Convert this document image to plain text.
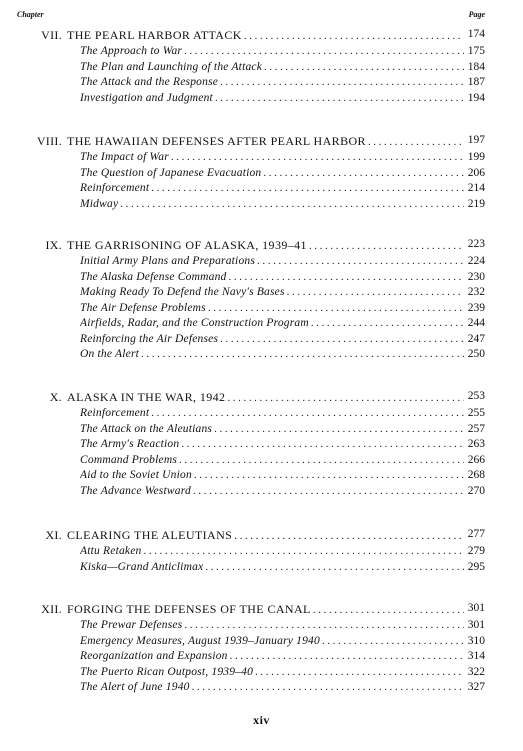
Chapter	Page
VII. THE PEARL HARBOR ATTACK .....	174
The Approach to War .....	175
The Plan and Launching of the Attack .....	184
The Attack and the Response .....	187
Investigation and Judgment .....	194
VIII. THE HAWAIIAN DEFENSES AFTER PEARL HARBOR .....	197
The Impact of War .....	199
The Question of Japanese Evacuation .....	206
Reinforcement .....	214
Midway .....	219
IX. THE GARRISONING OF ALASKA, 1939–41 .....	223
Initial Army Plans and Preparations .....	224
The Alaska Defense Command .....	230
Making Ready To Defend the Navy's Bases .....	232
The Air Defense Problems .....	239
Airfields, Radar, and the Construction Program .....	244
Reinforcing the Air Defenses .....	247
On the Alert .....	250
X. ALASKA IN THE WAR, 1942 .....	253
Reinforcement .....	255
The Attack on the Aleutians .....	257
The Army's Reaction .....	263
Command Problems .....	266
Aid to the Soviet Union .....	268
The Advance Westward .....	270
XI. CLEARING THE ALEUTIANS .....	277
Attu Retaken .....	279
Kiska—Grand Anticlimax .....	295
XII. FORGING THE DEFENSES OF THE CANAL .....	301
The Prewar Defenses .....	301
Emergency Measures, August 1939–January 1940 .....	310
Reorganization and Expansion .....	314
The Puerto Rican Outpost, 1939–40 .....	322
The Alert of June 1940 .....	327
xiv
